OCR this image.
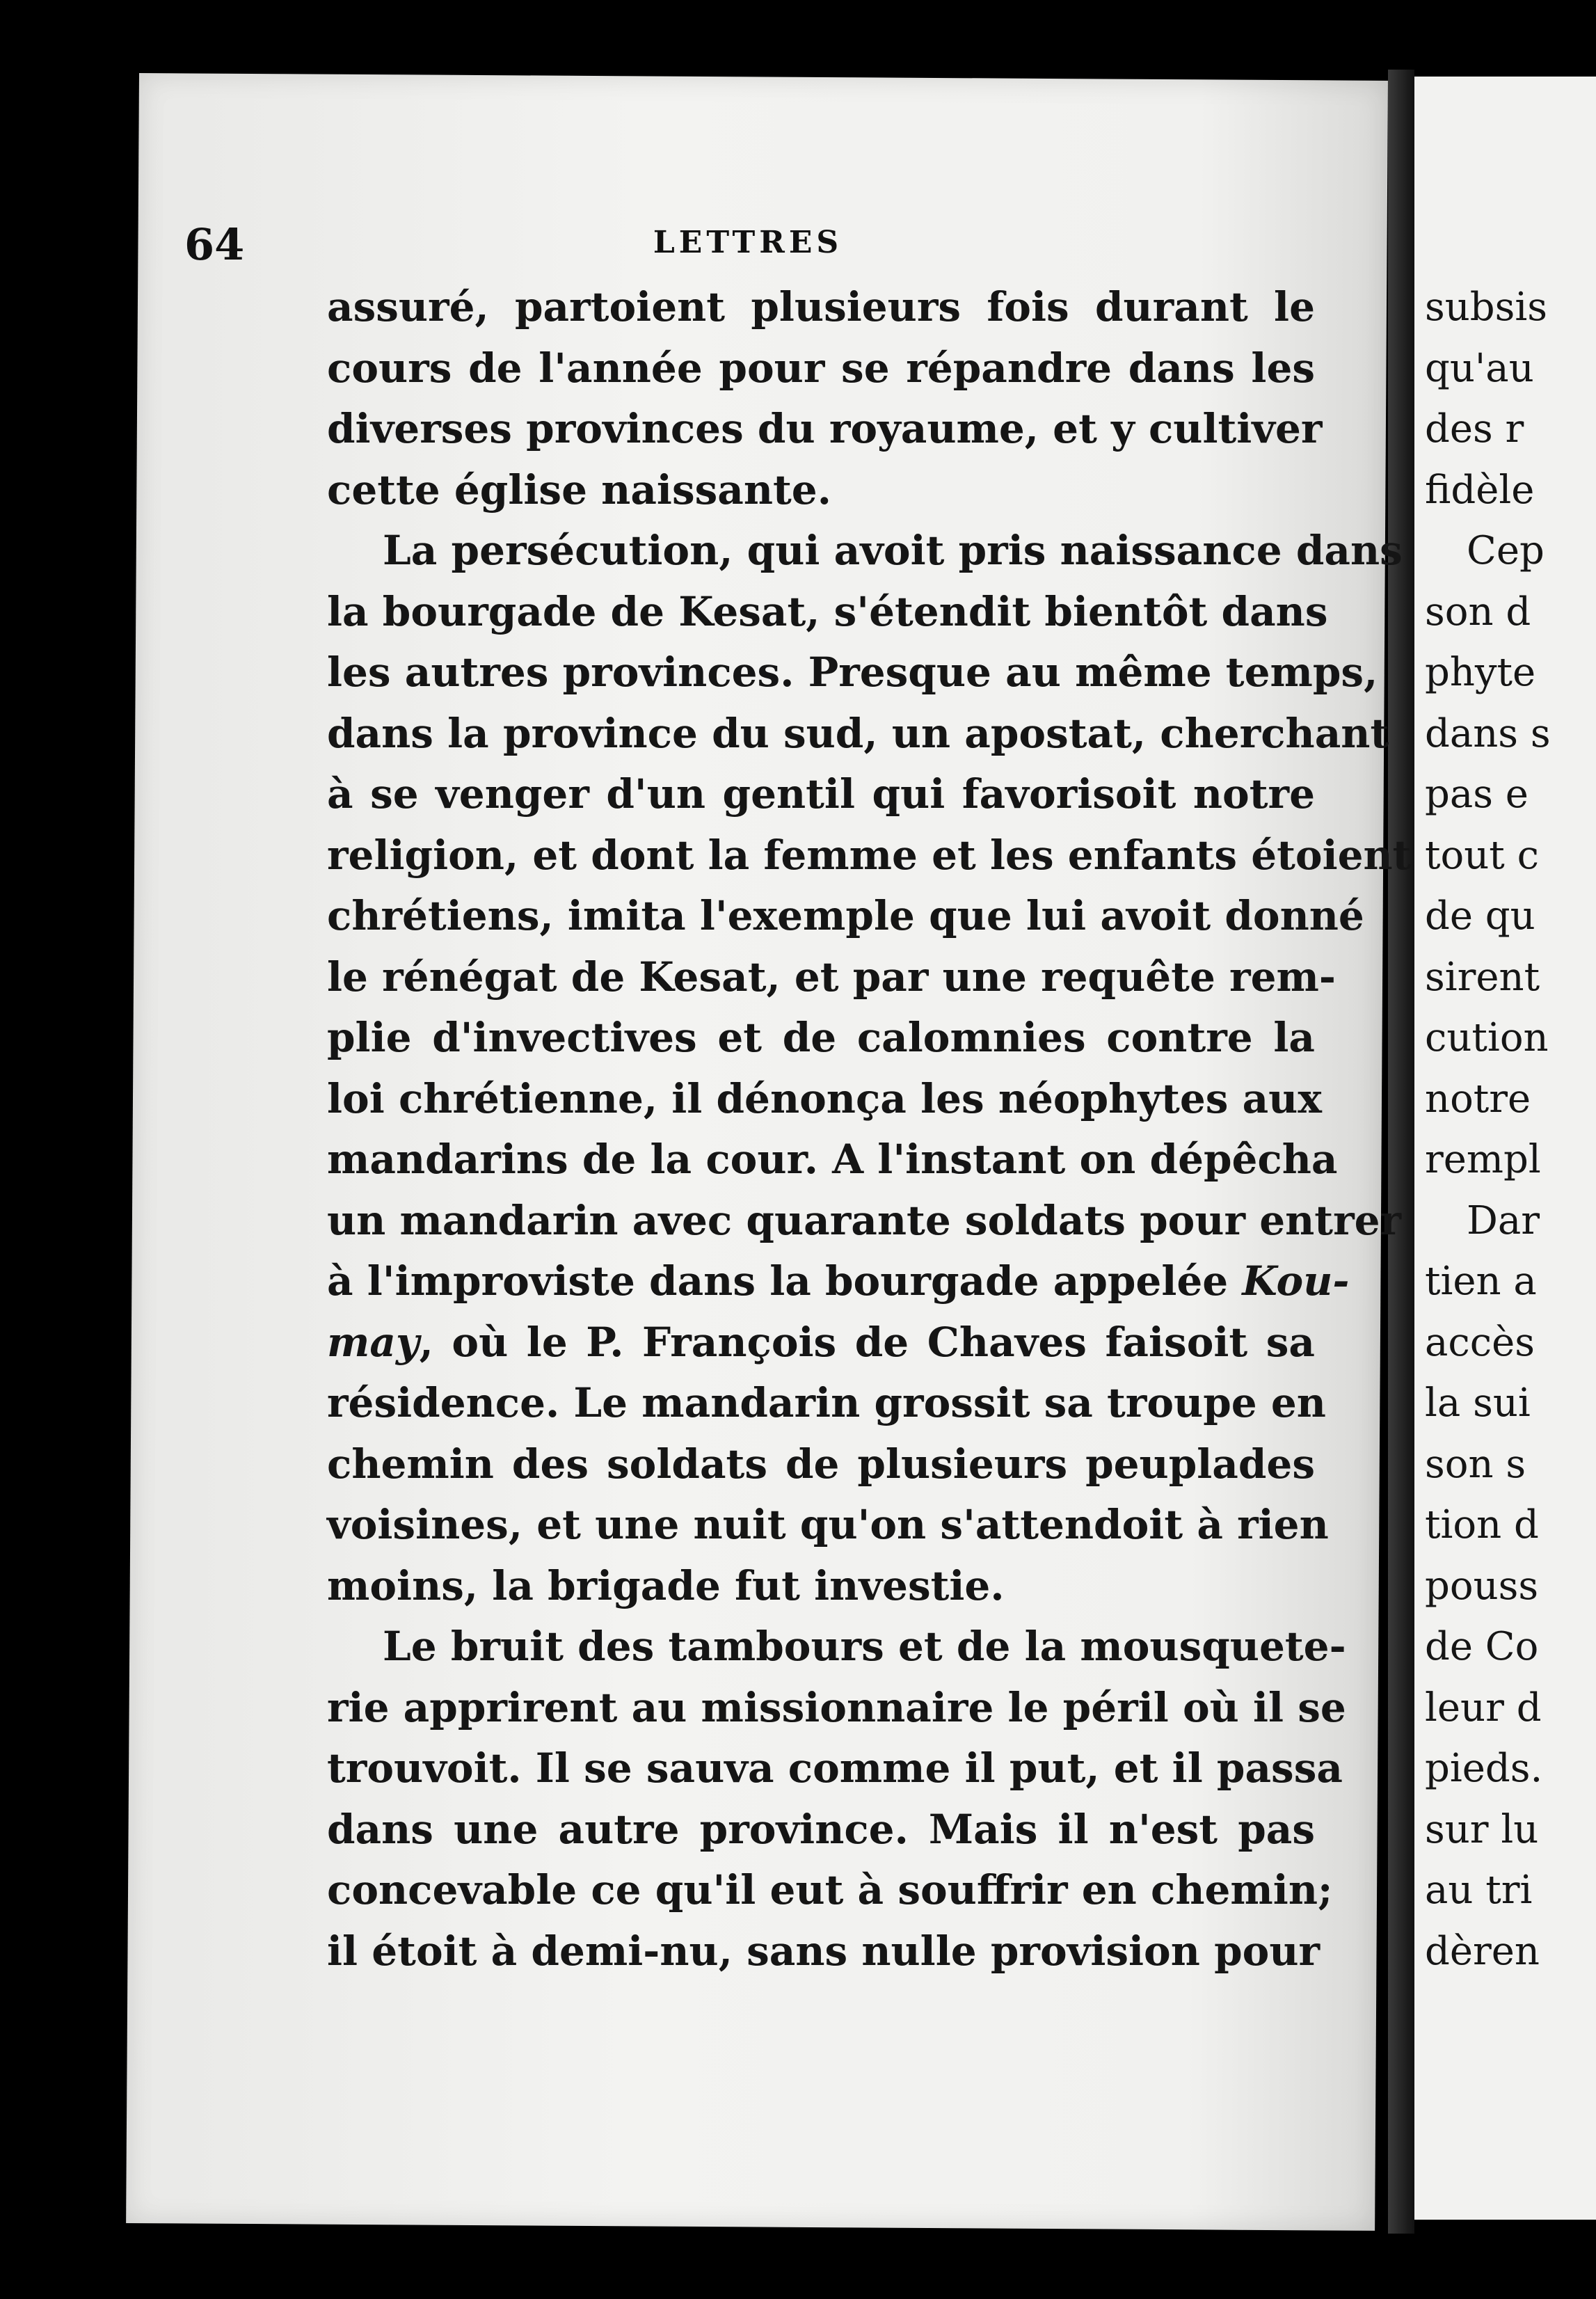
64	LETTRES
assuré, partoient plusieurs fois durant le
cours de l'année pour se répandre dans les
diverses provinces du royaume, et y cultiver
cette église naissante.
La persécution, qui avoit pris naissance dans
la bourgade de Kesat, s'étendit bientôt dans
les autres provinces. Presque au même temps,
dans la province du sud, un apostat, cherchant
à se venger d'un gentil qui favorisoit notre
religion, et dont la femme et les enfants étoient
chrétiens, imita l'exemple que lui avoit donné
le rénégat de Kesat, et par une requête rem-
plie d'invectives et de calomnies contre la
loi chrétienne, il dénonça les néophytes aux
mandarins de la cour. A l'instant on dépêcha
un mandarin avec quarante soldats pour entrer
à l'improviste dans la bourgade appelée Kou-
may, où le P. François de Chaves faisoit sa
résidence. Le mandarin grossit sa troupe en
chemin des soldats de plusieurs peuplades
voisines, et une nuit qu'on s'attendoit à rien
moins, la brigade fut investie.
Le bruit des tambours et de la mousquete-
rie apprirent au missionnaire le péril où il se
trouvoit. Il se sauva comme il put, et il passa
dans une autre province. Mais il n'est pas
concevable ce qu'il eut à souffrir en chemin;
il étoit à demi-nu, sans nulle provision pour
subsis
qu'au
des r
fidèle
Cep
son d
phyte
dans s
pas e
tout c
de qu
sirent
cution
notre
rempl
Dar
tien a
accès
la sui
son s
tion d
pouss
de Co
leur d
pieds.
sur lu
au tri
dèren
